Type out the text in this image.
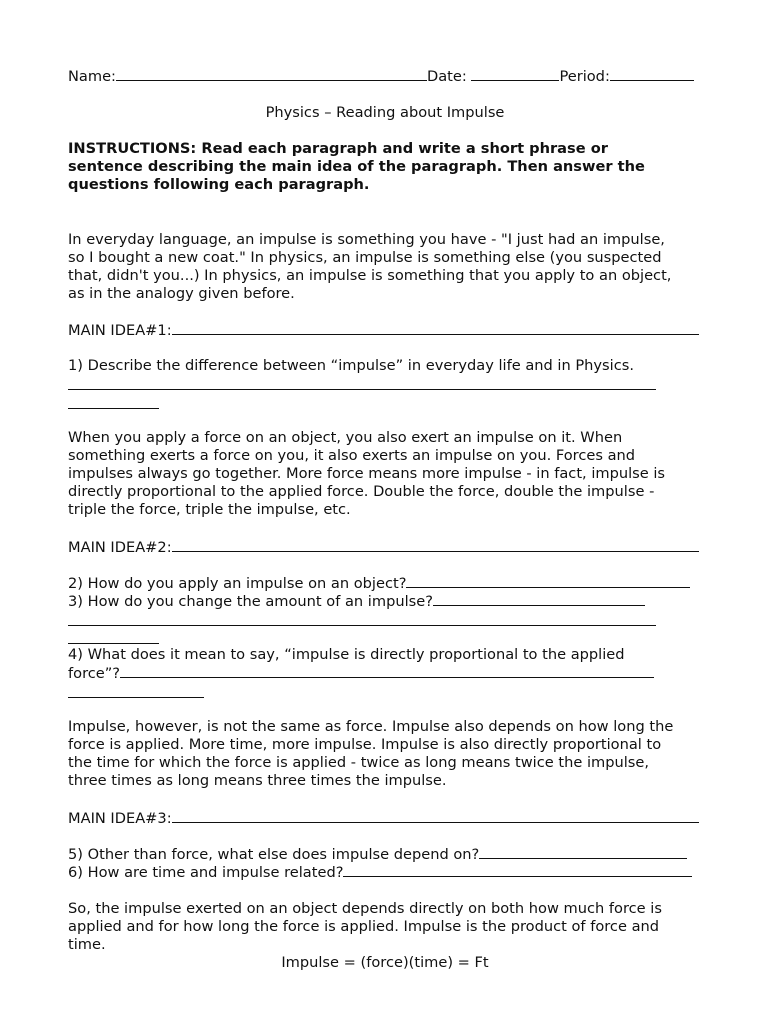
Name:	Date:	Period:
Physics – Reading about Impulse
INSTRUCTIONS: Read each paragraph and write a short phrase or
sentence describing the main idea of the paragraph. Then answer the
questions following each paragraph.
In everyday language, an impulse is something you have - "I just had an impulse,
so I bought a new coat." In physics, an impulse is something else (you suspected
that, didn't you...) In physics, an impulse is something that you apply to an object,
as in the analogy given before.
MAIN IDEA#1:
1) Describe the difference between “impulse” in everyday life and in Physics.
When you apply a force on an object, you also exert an impulse on it. When
something exerts a force on you, it also exerts an impulse on you. Forces and
impulses always go together. More force means more impulse - in fact, impulse is
directly proportional to the applied force. Double the force, double the impulse -
triple the force, triple the impulse, etc.
MAIN IDEA#2:
2) How do you apply an impulse on an object?
3) How do you change the amount of an impulse?
4) What does it mean to say, “impulse is directly proportional to the applied
force”?
Impulse, however, is not the same as force. Impulse also depends on how long the
force is applied. More time, more impulse. Impulse is also directly proportional to
the time for which the force is applied - twice as long means twice the impulse,
three times as long means three times the impulse.
MAIN IDEA#3:
5) Other than force, what else does impulse depend on?
6) How are time and impulse related?
So, the impulse exerted on an object depends directly on both how much force is
applied and for how long the force is applied. Impulse is the product of force and
time.
Impulse = (force)(time) = Ft
